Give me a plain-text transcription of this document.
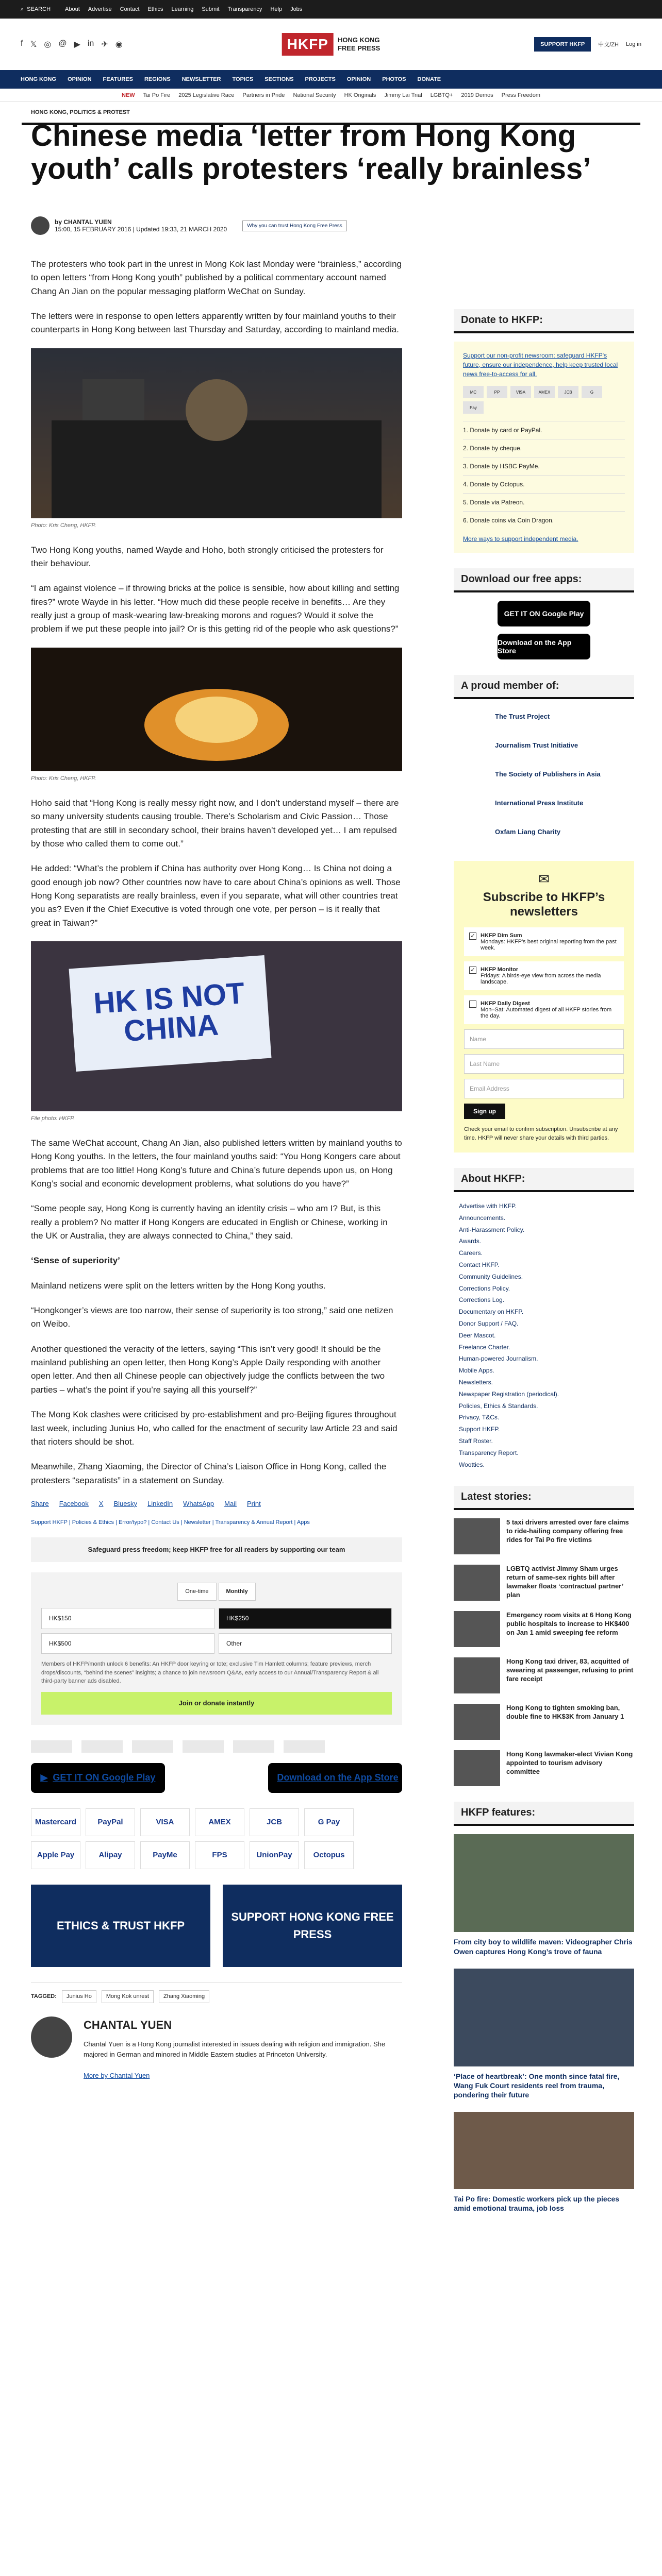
⌕ SEARCH	About Advertise Contact Ethics Learning Submit Transparency Help Jobs
f 𝕏 ◎ @ ▶ in ✈ ◉	HKFP	HONG KONG
FREE PRESS	SUPPORT HKFP	中文/ZH Log in
HONG KONG OPINION FEATURES REGIONS NEWSLETTER TOPICS SECTIONS PROJECTS OPINION PHOTOS DONATE
NEW Tai Po Fire 2025 Legislative Race Partners in Pride National Security HK Originals Jimmy Lai Trial LGBTQ+ 2019 Demos Press Freedom
HONG KONG, POLITICS & PROTEST
Chinese media ‘letter from Hong Kong youth’ calls protesters ‘really brainless’
by CHANTAL YUEN
15:00, 15 FEBRUARY 2016 | Updated 19:33, 21 MARCH 2020	Why you can trust Hong Kong Free Press

The protesters who took part in the unrest in Mong Kok last Monday were “brainless,” according to open letters “from Hong Kong youth” published by a political commentary account named Chang An Jian on the popular messaging platform WeChat on Sunday.

The letters were in response to open letters apparently written by four mainland youths to their counterparts in Hong Kong between last Thursday and Saturday, according to mainland media.

Photo: Kris Cheng, HKFP.

Two Hong Kong youths, named Wayde and Hoho, both strongly criticised the protesters for their behaviour.

“I am against violence – if throwing bricks at the police is sensible, how about killing and setting fires?” wrote Wayde in his letter. “How much did these people receive in benefits… Are they really just a group of mask-wearing law-breaking morons and rogues? Would it solve the problem if we put these people into jail? Or is this getting rid of the people who ask questions?”

Photo: Kris Cheng, HKFP.

Hoho said that “Hong Kong is really messy right now, and I don’t understand myself – there are so many university students causing trouble. There’s Scholarism and Civic Passion… Those protesting that are still in secondary school, their brains haven’t developed yet… I am repulsed by those who called them to come out.”

He added: “What’s the problem if China has authority over Hong Kong… Is China not doing a good enough job now? Other countries now have to care about China’s opinions as well. Those Hong Kong separatists are really brainless, even if you separate, what will other countries treat you as? Even if the Chief Executive is voted through one vote, per person – is it really that great in Taiwan?”

HK IS NOT CHINA
File photo: HKFP.

The same WeChat account, Chang An Jian, also published letters written by mainland youths to Hong Kong youths. In the letters, the four mainland youths said: “You Hong Kongers care about problems that are too little! Hong Kong’s future and China’s future depends upon us, on Hong Kong’s social and economic development problems, what solutions do you have?”

“Some people say, Hong Kong is currently having an identity crisis – who am I? But, is this really a problem? No matter if Hong Kongers are educated in English or Chinese, working in the UK or Australia, they are always connected to China,” they said.

‘Sense of superiority’

Mainland netizens were split on the letters written by the Hong Kong youths.

“Hongkonger’s views are too narrow, their sense of superiority is too strong,” said one netizen on Weibo.

Another questioned the veracity of the letters, saying “This isn’t very good! It should be the mainland publishing an open letter, then Hong Kong’s Apple Daily responding with another open letter. And then all Chinese people can objectively judge the conflicts between the two parties – what’s the point if you’re saying all this yourself?”

The Mong Kok clashes were criticised by pro-establishment and pro-Beijing figures throughout last week, including Junius Ho, who called for the enactment of security law Article 23 and said that rioters should be shot.

Meanwhile, Zhang Xiaoming, the Director of China’s Liaison Office in Hong Kong, called the protesters “separatists” in a statement on Sunday.

Share Facebook X Bluesky LinkedIn WhatsApp Mail Print
Support HKFP | Policies & Ethics | Error/typo? | Contact Us | Newsletter | Transparency & Annual Report | Apps
Safeguard press freedom; keep HKFP free for all readers by supporting our team
One-time	Monthly
HK$150	HK$250
HK$500	Other

Members of HKFP/month unlock 6 benefits: An HKFP door keyring or tote; exclusive Tim Hamlett columns; feature previews, merch drops/discounts, “behind the scenes” insights; a chance to join newsroom Q&As, early access to our Annual/Transparency Report & all third-party banner ads disabled.

Join or donate instantly
▶ GET IT ON Google Play	Download on the App Store
Mastercard	PayPal	VISA	AMEX	JCB	G Pay
Apple Pay	Alipay	PayMe	FPS	UnionPay	Octopus
ETHICS & TRUST HKFP
SUPPORT HONG KONG FREE PRESS
TAGGED:	Junius Ho	Mong Kok unrest	Zhang Xiaoming
CHANTAL YUEN

Chantal Yuen is a Hong Kong journalist interested in issues dealing with religion and immigration. She majored in German and minored in Middle Eastern studies at Princeton University.

More by Chantal Yuen

Donate to HKFP:

Support our non-profit newsroom: safeguard HKFP's future, ensure our independence, help keep trusted local news free-to-access for all.

MC	PP	VISA	AMEX	JCB	G
Pay
1. Donate by card or PayPal.
2. Donate by cheque.
3. Donate by HSBC PayMe.
4. Donate by Octopus.
5. Donate via Patreon.
6. Donate coins via Coin Dragon.

More ways to support independent media.

Download our free apps:
GET IT ON Google Play
Download on the App Store
A proud member of:
The Trust Project
Journalism Trust Initiative
The Society of Publishers in Asia
International Press Institute
Oxfam Liang Charity
✉
Subscribe to HKFP’s newsletters
✓ HKFP Dim Sum
Mondays: HKFP's best original reporting from the past week.
✓ HKFP Monitor
Fridays: A birds-eye view from across the media landscape.
HKFP Daily Digest
Mon–Sat: Automated digest of all HKFP stories from the day.
Name
Last Name
Email Address
Sign up

Check your email to confirm subscription. Unsubscribe at any time. HKFP will never share your details with third parties.

About HKFP:
Advertise with HKFP.
Announcements.
Anti-Harassment Policy.
Awards.
Careers.
Contact HKFP.
Community Guidelines.
Corrections Policy.
Corrections Log.
Documentary on HKFP.
Donor Support / FAQ.
Deer Mascot.
Freelance Charter.
Human-powered Journalism.
Mobile Apps.
Newsletters.
Newspaper Registration (periodical).
Policies, Ethics & Standards.
Privacy, T&Cs.
Support HKFP.
Staff Roster.
Transparency Report.
Wootties.
Latest stories:

5 taxi drivers arrested over fare claims to ride-hailing company offering free rides for Tai Po fire victims

LGBTQ activist Jimmy Sham urges return of same-sex rights bill after lawmaker floats ‘contractual partner’ plan

Emergency room visits at 6 Hong Kong public hospitals to increase to HK$400 on Jan 1 amid sweeping fee reform

Hong Kong taxi driver, 83, acquitted of swearing at passenger, refusing to print fare receipt

Hong Kong to tighten smoking ban, double fine to HK$3K from January 1

Hong Kong lawmaker-elect Vivian Kong appointed to tourism advisory committee

HKFP features:

From city boy to wildlife maven: Videographer Chris Owen captures Hong Kong’s trove of fauna

‘Place of heartbreak’: One month since fatal fire, Wang Fuk Court residents reel from trauma, pondering their future

Tai Po fire: Domestic workers pick up the pieces amid emotional trauma, job loss
